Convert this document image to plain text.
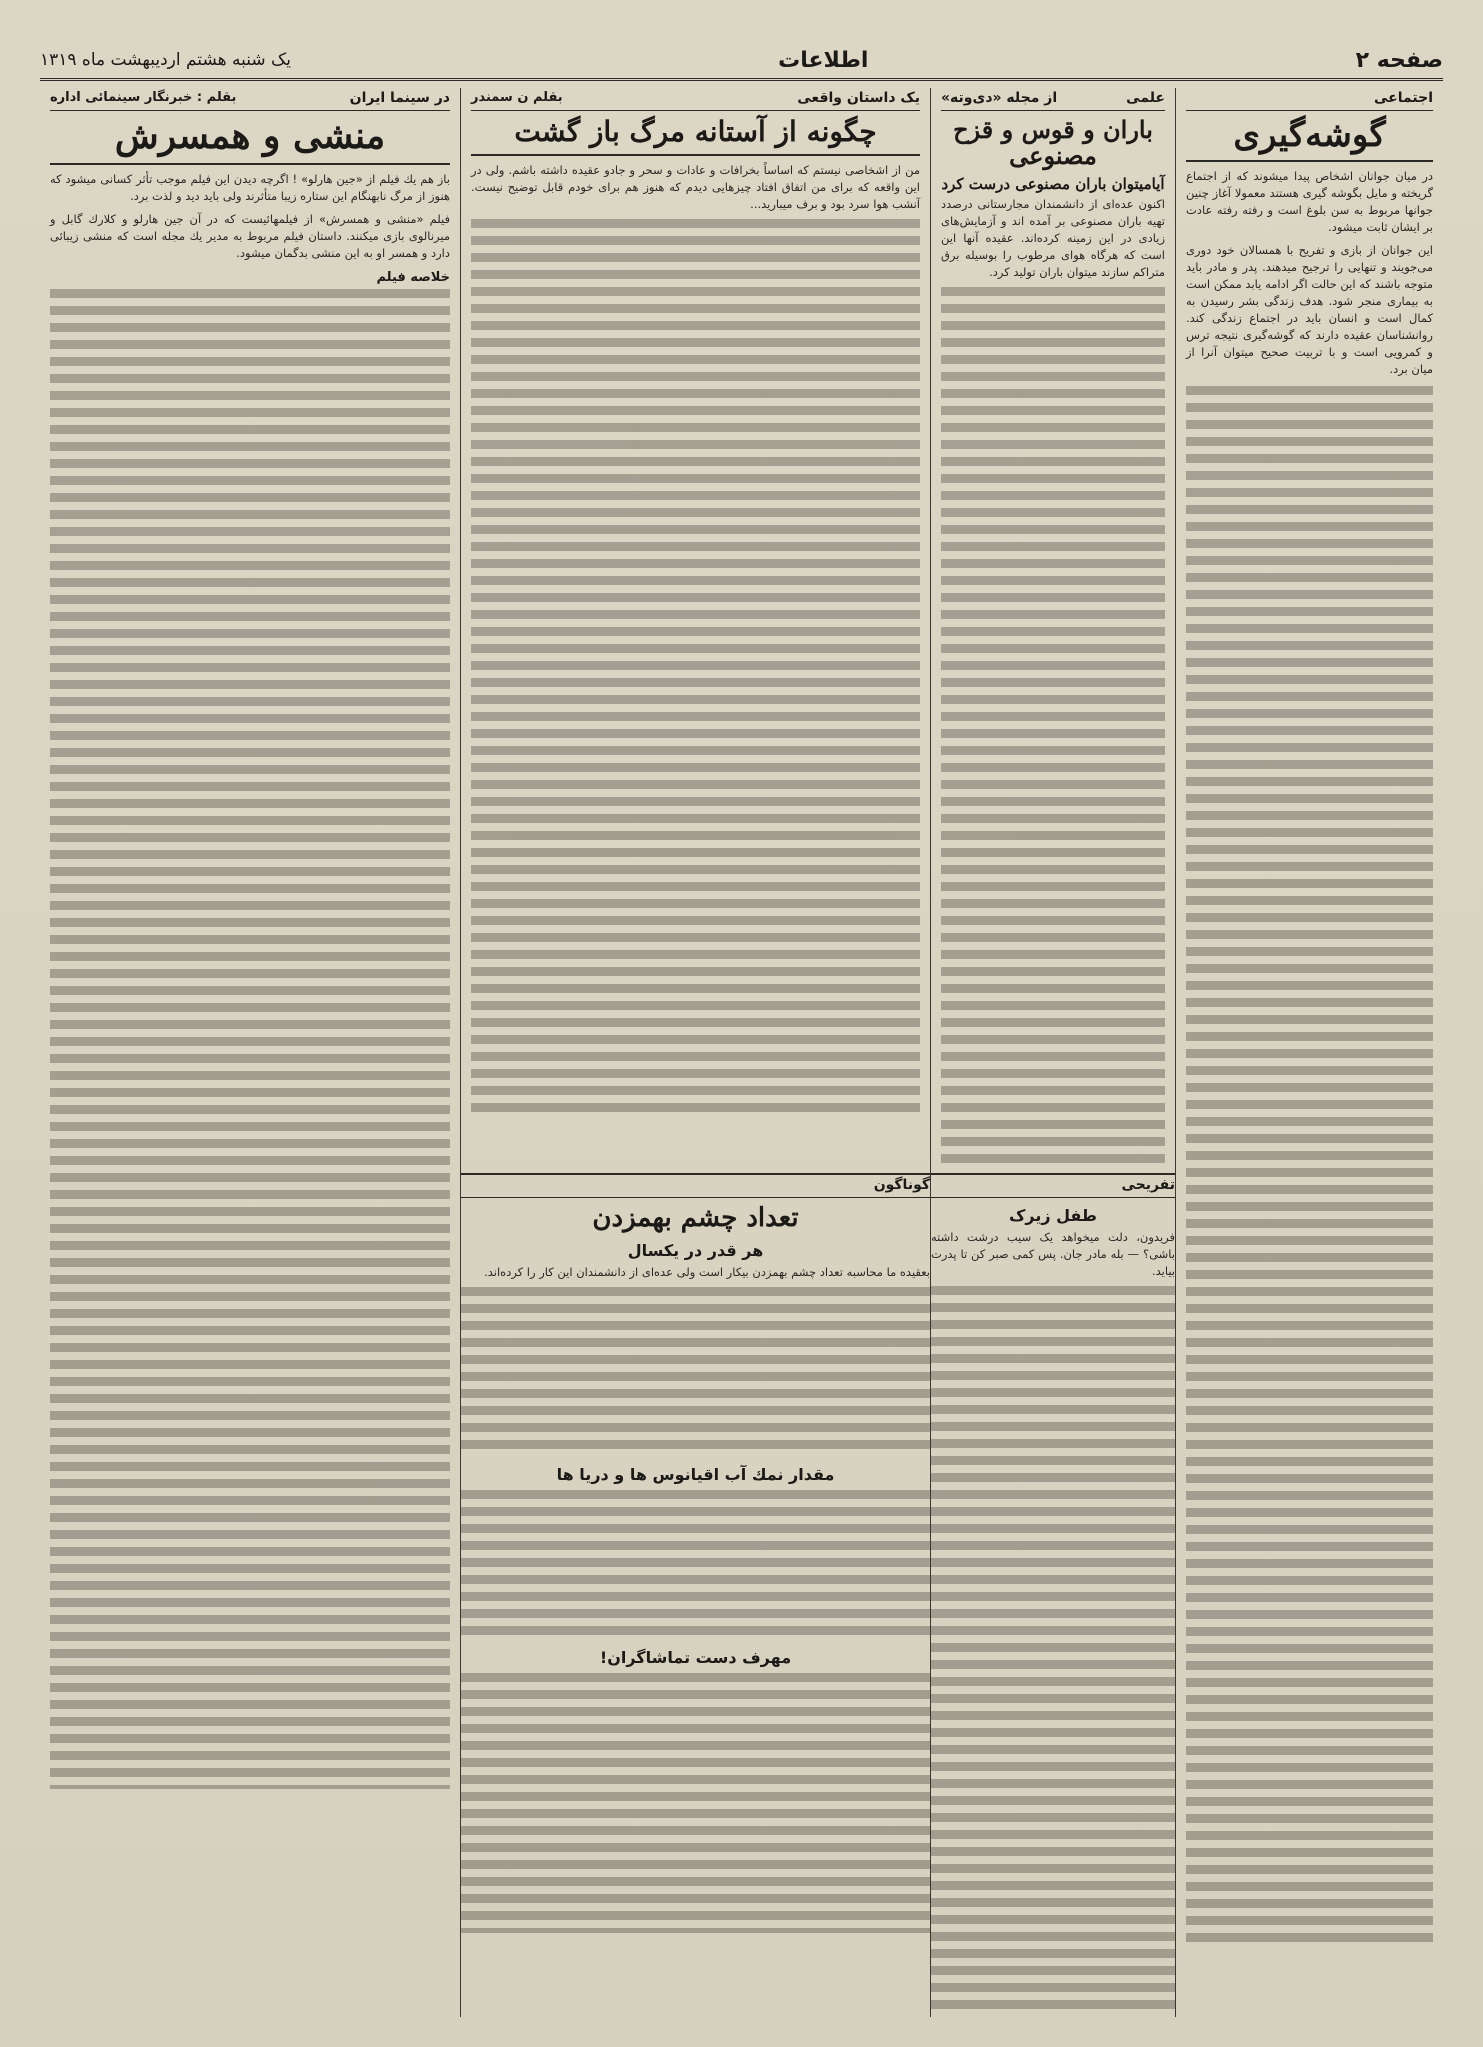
صفحه ۲
اطلاعات
یک شنبه هشتم اردیبهشت ماه ۱۳۱۹
اجتماعی
گوشه‌گیری

در میان جوانان اشخاص پیدا میشوند که از اجتماع گریخته و مایل بگوشه گیری هستند معمولا آغاز چنین جوانها مربوط به سن بلوغ است و رفته رفته عادت بر ایشان ثابت میشود.

این جوانان از بازی و تفریح با همسالان خود دوری می‌جویند و تنهایی را ترجیح میدهند. پدر و مادر باید متوجه باشند که این حالت اگر ادامه یابد ممکن است به بیماری منجر شود. هدف زندگی بشر رسیدن به کمال است و انسان باید در اجتماع زندگی کند. روانشناسان عقیده دارند که گوشه‌گیری نتیجه ترس و کمرویی است و با تربیت صحیح میتوان آنرا از میان برد.

علمی
از مجله «دی‌وته»
باران و قوس و قزح مصنوعی
آیامیتوان باران مصنوعی درست کرد

اکنون عده‌ای از دانشمندان مجارستانی درصدد تهیه باران مصنوعی بر آمده اند و آزمایش‌های زیادی در این زمینه کرده‌اند. عقیده آنها این است که هرگاه هوای مرطوب را بوسیله برق متراکم سازند میتوان باران تولید کرد.

تفریحی
طفل زیرک

فریدون، دلت میخواهد یک سیب درشت داشته باشی؟ — بله مادر جان. پس کمی صبر کن تا پدرت بیاید.

یک داستان واقعی
بقلم ن سمندر
چگونه از آستانه مرگ باز گشت

من از اشخاصی نیستم که اساساً بخرافات و عادات و سحر و جادو عقیده داشته باشم. ولی در این واقعه که برای من اتفاق افتاد چیزهایی دیدم که هنوز هم برای خودم قابل توضیح نیست. آنشب هوا سرد بود و برف میبارید...

گوناگون
تعداد چشم بهمزدن
هر قدر در یکسال

بعقیده ما محاسبه تعداد چشم بهمزدن بیکار است ولی عده‌ای از دانشمندان این کار را کرده‌اند.

مقدار نمك آب اقيانوس ها و دريا ها
مهرف دست تماشاگران!
در سینما ایران
بقلم : خبرنگار سینمائی اداره
منشی و همسرش

باز هم یك فیلم از «جین هارلو» ! اگرچه دیدن این فیلم موجب تأثر کسانی میشود که هنوز از مرگ نابهنگام این ستاره زیبا متأثرند ولی باید دید و لذت برد.

فیلم «منشی و همسرش» از فیلمهائیست که در آن جین هارلو و کلارك گابل و میرنالوی بازی میکنند. داستان فیلم مربوط به مدیر یك مجله است که منشی زیبائی دارد و همسر او به این منشی بدگمان میشود.

خلاصه فیلم
